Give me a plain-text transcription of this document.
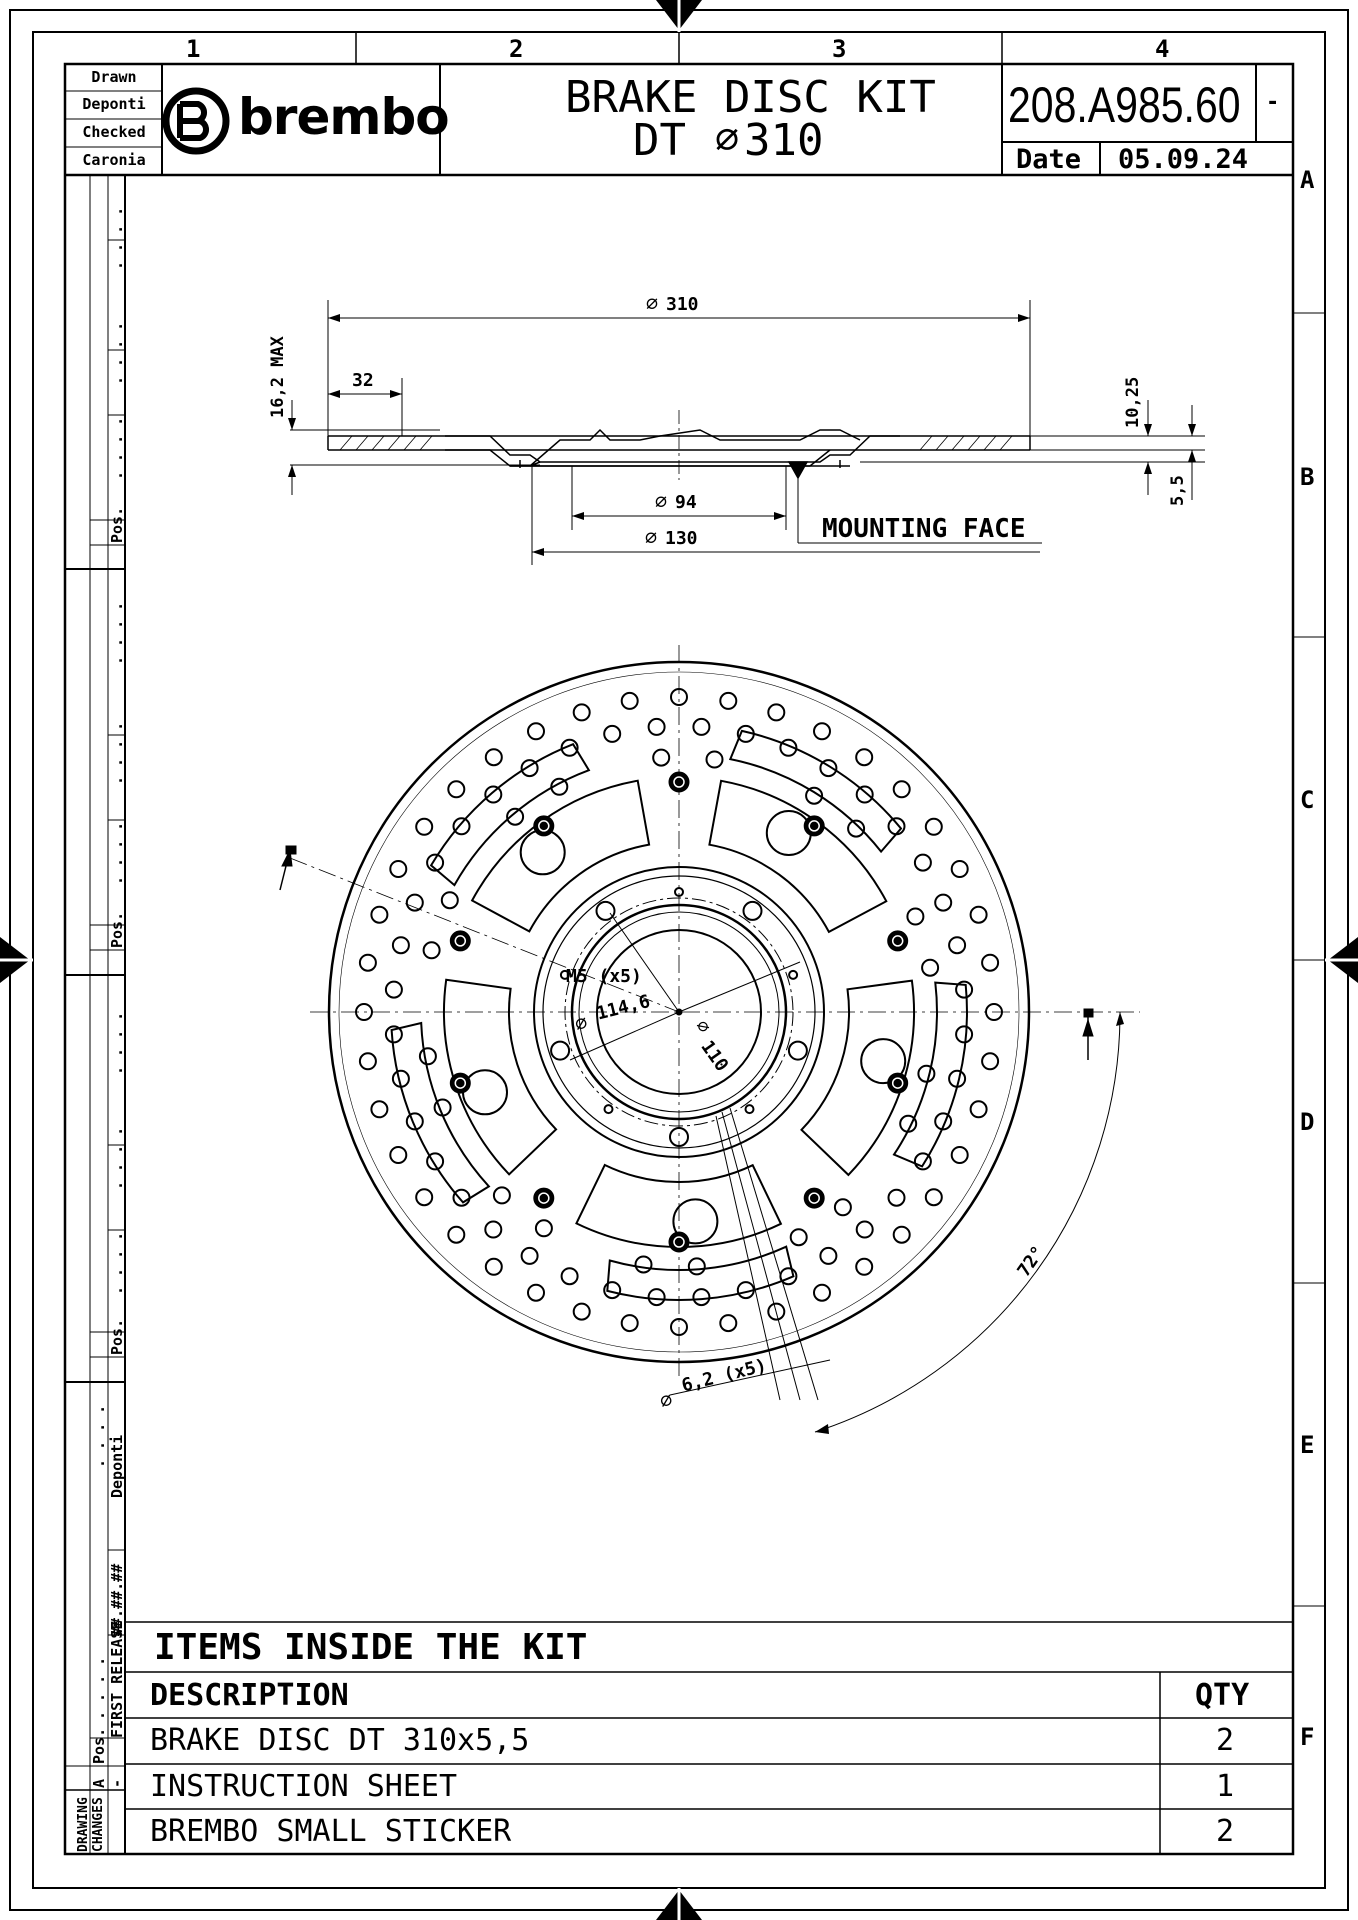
1	2	3	4
A
B
C
D
E
F
Drawn
Deponti
Checked
Caronia
brembo	BRAKE DISC KIT
DT ⌀ 310
208.A985.60 -
Date 05.09.24
⌀ 310
32
16,2 MAX	10,25
5,5
⌀ 94
⌀ 130	MOUNTING FACE
M5 (x5)
⌀ 114,6
⌀
110
⌀
6,2 (x5)
72°
Pos.
Pos.
Pos.
Pos.
. . . .
. . . .
. . . .
. . . .
. . . .
. . . .
. . . .
. . . .
. . . .
. . . .
. . . .
Deponti
##.##.##
FIRST RELEASE
A -
DRAWING CHANGES
ITEMS INSIDE THE KIT
DESCRIPTION	QTY
BRAKE DISC DT 310x5,5	2
INSTRUCTION SHEET	1
BREMBO SMALL STICKER	2
